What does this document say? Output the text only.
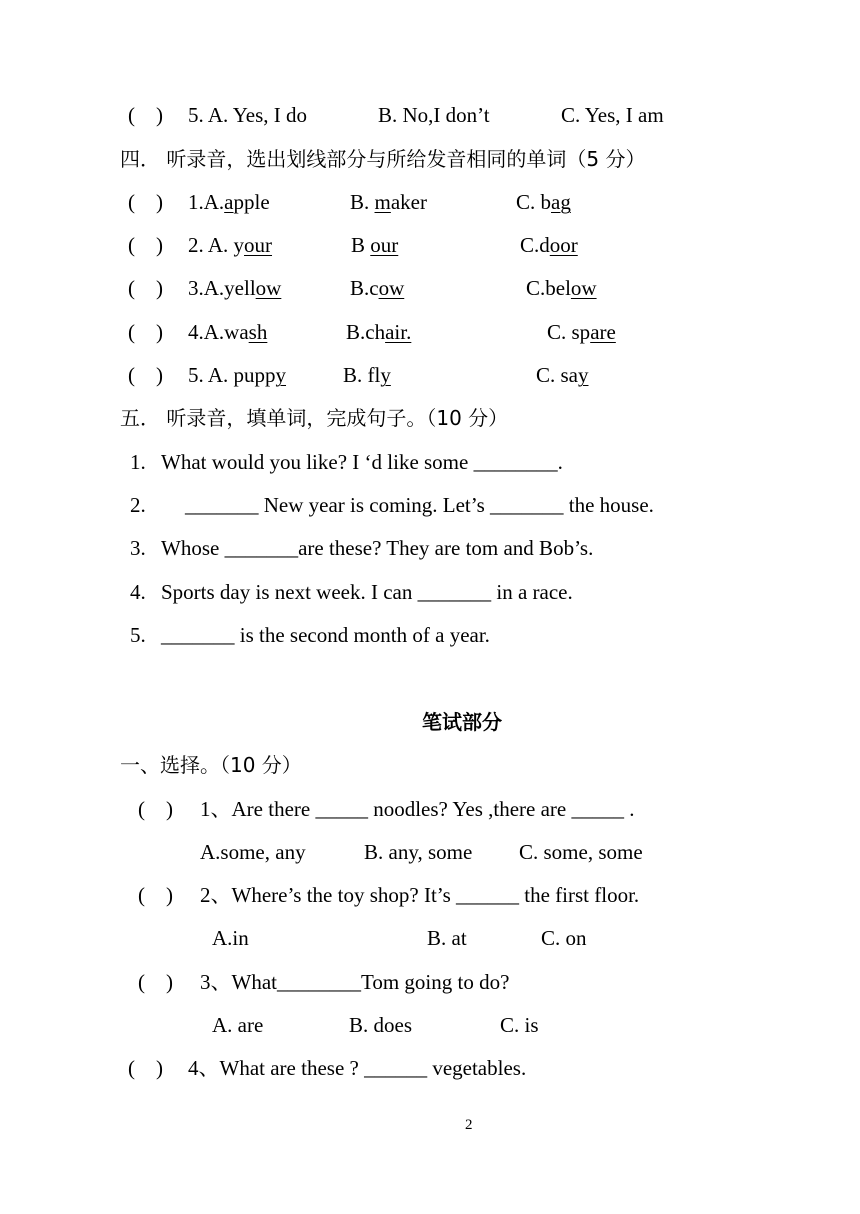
(　) 5. A. Yes, I do	B. No,I don’t	C. Yes, I am
四． 听录音，选出划线部分与所给发音相同的单词（5 分）
(　) 1.A.apple	B. maker	C. bag
(　) 2. A. your	B our	C.door
(　) 3.A.yellow	B.cow	C.below
(　) 4.A.wash	B.chair.	C. spare
(　) 5. A. puppy	B. fly	C. say
五． 听录音，填单词，完成句子。（10 分）
1. What would you like? I ‘d like some ________.
2. _______ New year is coming. Let’s _______ the house.
3. Whose _______are these? They are tom and Bob’s.
4. Sports day is next week. I can _______ in a race.
5. _______ is the second month of a year.
笔试部分
一、选择。（10 分）
(　) 1、Are there _____ noodles? Yes ,there are _____ .
A.some, any	B. any, some C. some, some
(　) 2、Where’s the toy shop? It’s ______ the first floor.
A.in	B. at	C. on
(　) 3、What________Tom going to do?
A. are	B. does	C. is
(　) 4、What are these ? ______ vegetables.
2
